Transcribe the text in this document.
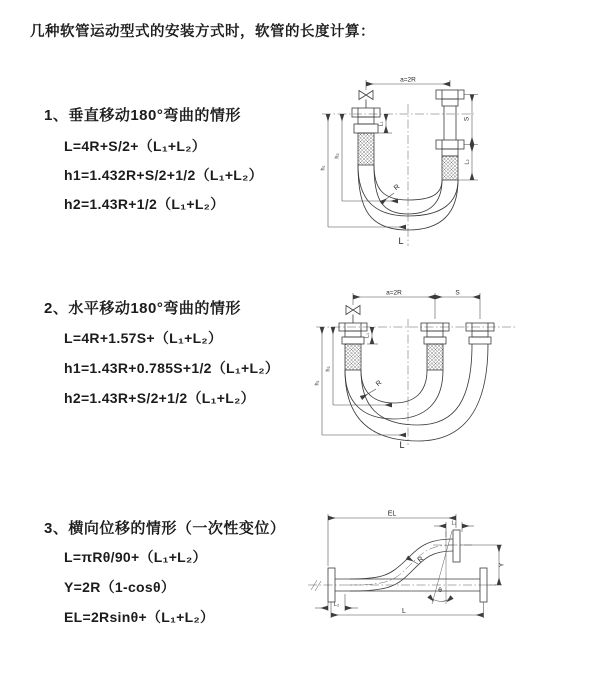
几种软管运动型式的安装方式时，软管的长度计算：
1、垂直移动180°弯曲的情形
L=4R+S/2+（L₁+L₂）
h1=1.432R+S/2+1/2（L₁+L₂）
h2=1.43R+1/2（L₁+L₂）
a=2R
S
L₂
h₂
h₁
L₁
R
L
2、水平移动180°弯曲的情形
L=4R+1.57S+（L₁+L₂）
h1=1.43R+0.785S+1/2（L₁+L₂）
h2=1.43R+S/2+1/2（L₁+L₂）
a=2R	S
h₂
h₁
L₁
R
L
3、横向位移的情形（一次性变位）
L=πRθ/90+（L₁+L₂）
Y=2R（1-cosθ）
EL=2Rsinθ+（L₁+L₂）
θ
EL
L₁
Y
L
L₂
R
